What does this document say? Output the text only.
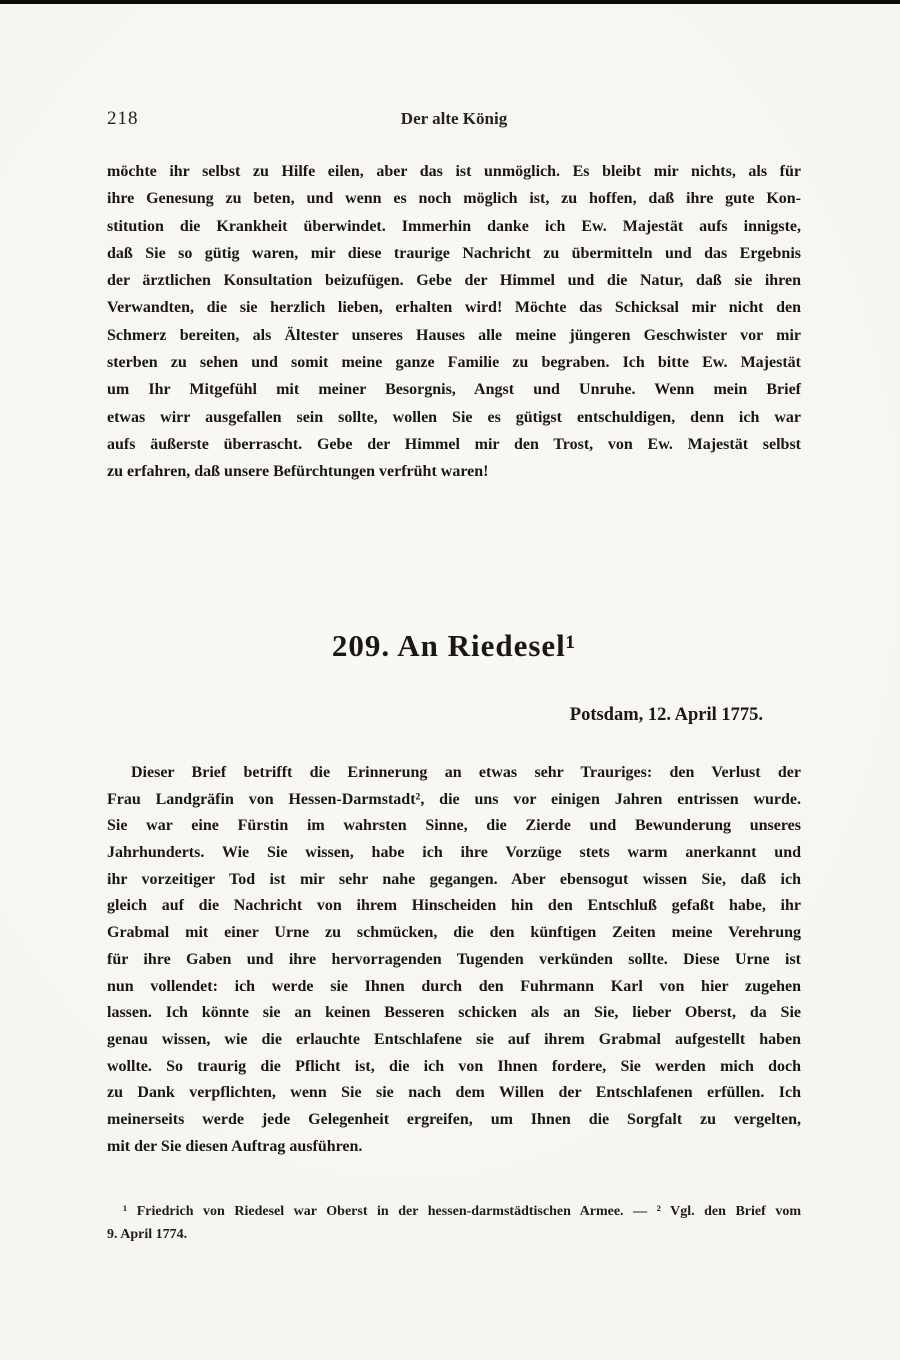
218	Der alte König
möchte ihr selbst zu Hilfe eilen, aber das ist unmöglich. Es bleibt mir nichts, als für
ihre Genesung zu beten, und wenn es noch möglich ist, zu hoffen, daß ihre gute Kon-
stitution die Krankheit überwindet. Immerhin danke ich Ew. Majestät aufs innigste,
daß Sie so gütig waren, mir diese traurige Nachricht zu übermitteln und das Ergebnis
der ärztlichen Konsultation beizufügen. Gebe der Himmel und die Natur, daß sie ihren
Verwandten, die sie herzlich lieben, erhalten wird! Möchte das Schicksal mir nicht den
Schmerz bereiten, als Ältester unseres Hauses alle meine jüngeren Geschwister vor mir
sterben zu sehen und somit meine ganze Familie zu begraben. Ich bitte Ew. Majestät
um Ihr Mitgefühl mit meiner Besorgnis, Angst und Unruhe. Wenn mein Brief
etwas wirr ausgefallen sein sollte, wollen Sie es gütigst entschuldigen, denn ich war
aufs äußerste überrascht. Gebe der Himmel mir den Trost, von Ew. Majestät selbst
zu erfahren, daß unsere Befürchtungen verfrüht waren!
209. An Riedesel¹
Potsdam, 12. April 1775.
Dieser Brief betrifft die Erinnerung an etwas sehr Trauriges: den Verlust der
Frau Landgräfin von Hessen-Darmstadt², die uns vor einigen Jahren entrissen wurde.
Sie war eine Fürstin im wahrsten Sinne, die Zierde und Bewunderung unseres
Jahrhunderts. Wie Sie wissen, habe ich ihre Vorzüge stets warm anerkannt und
ihr vorzeitiger Tod ist mir sehr nahe gegangen. Aber ebensogut wissen Sie, daß ich
gleich auf die Nachricht von ihrem Hinscheiden hin den Entschluß gefaßt habe, ihr
Grabmal mit einer Urne zu schmücken, die den künftigen Zeiten meine Verehrung
für ihre Gaben und ihre hervorragenden Tugenden verkünden sollte. Diese Urne ist
nun vollendet: ich werde sie Ihnen durch den Fuhrmann Karl von hier zugehen
lassen. Ich könnte sie an keinen Besseren schicken als an Sie, lieber Oberst, da Sie
genau wissen, wie die erlauchte Entschlafene sie auf ihrem Grabmal aufgestellt haben
wollte. So traurig die Pflicht ist, die ich von Ihnen fordere, Sie werden mich doch
zu Dank verpflichten, wenn Sie sie nach dem Willen der Entschlafenen erfüllen. Ich
meinerseits werde jede Gelegenheit ergreifen, um Ihnen die Sorgfalt zu vergelten,
mit der Sie diesen Auftrag ausführen.
¹ Friedrich von Riedesel war Oberst in der hessen-darmstädtischen Armee. — ² Vgl. den Brief vom
9. April 1774.
